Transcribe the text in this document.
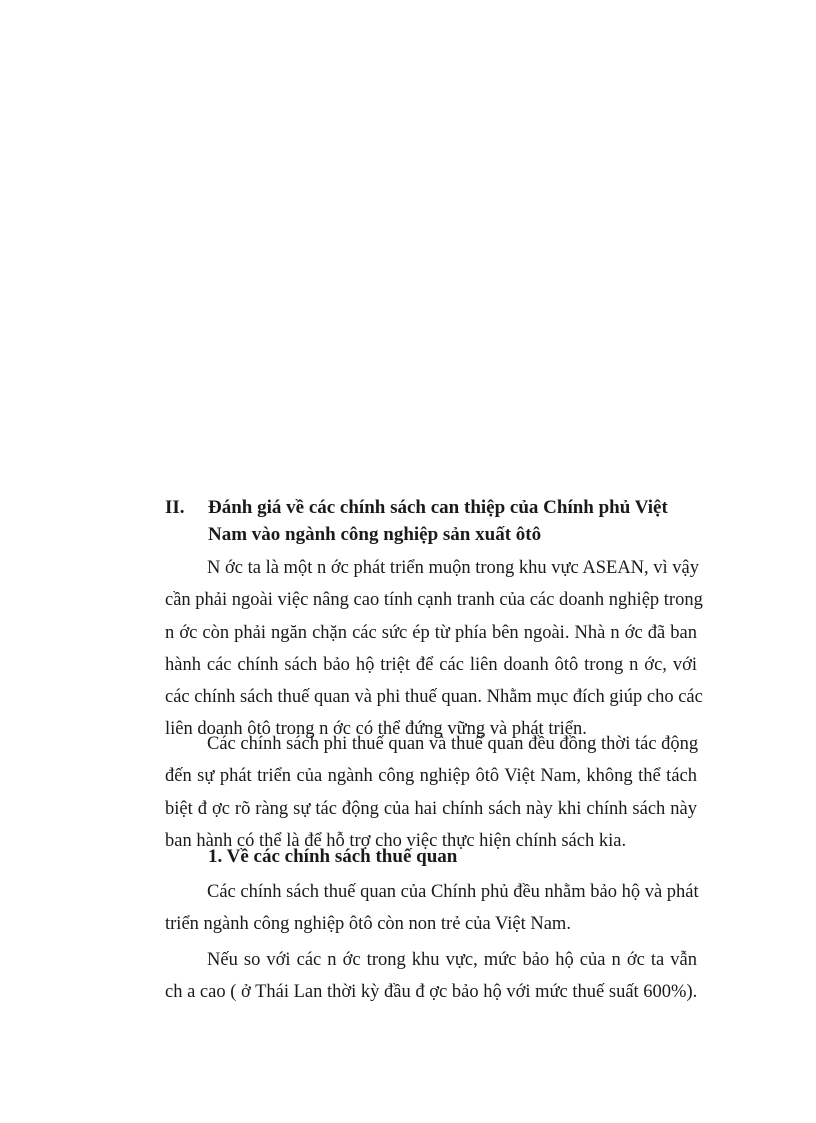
II.	Đánh giá về các chính sách can thiệp của Chính phủ Việt
Nam vào ngành công nghiệp sản xuất ôtô
N ớc ta là một n ớc phát triển muộn trong khu vực ASEAN, vì vậy
cần phải ngoài việc nâng cao tính cạnh tranh của các doanh nghiệp trong
n ớc còn phải ngăn chặn các sức ép từ phía bên ngoài. Nhà n ớc đã ban
hành các chính sách bảo hộ triệt để các liên doanh ôtô trong n ớc, với
các chính sách thuế quan và phi thuế quan. Nhằm mục đích giúp cho các
liên doanh ôtô trong n ớc có thể đứng vững và phát triển.
Các chính sách phi thuế quan và thuế quan đều đồng thời tác động
đến sự phát triển của ngành công nghiệp ôtô Việt Nam, không thể tách
biệt đ ợc rõ ràng sự tác động của hai chính sách này khi chính sách này
ban hành có thể là để hỗ trợ cho việc thực hiện chính sách kia.
1. Về các chính sách thuế quan
Các chính sách thuế quan của Chính phủ đều nhằm bảo hộ và phát
triển ngành công nghiệp ôtô còn non trẻ của Việt Nam.
Nếu so với các n ớc trong khu vực, mức bảo hộ của n ớc ta vẫn
ch a cao ( ở Thái Lan thời kỳ đầu đ ợc bảo hộ với mức thuế suất 600%).
